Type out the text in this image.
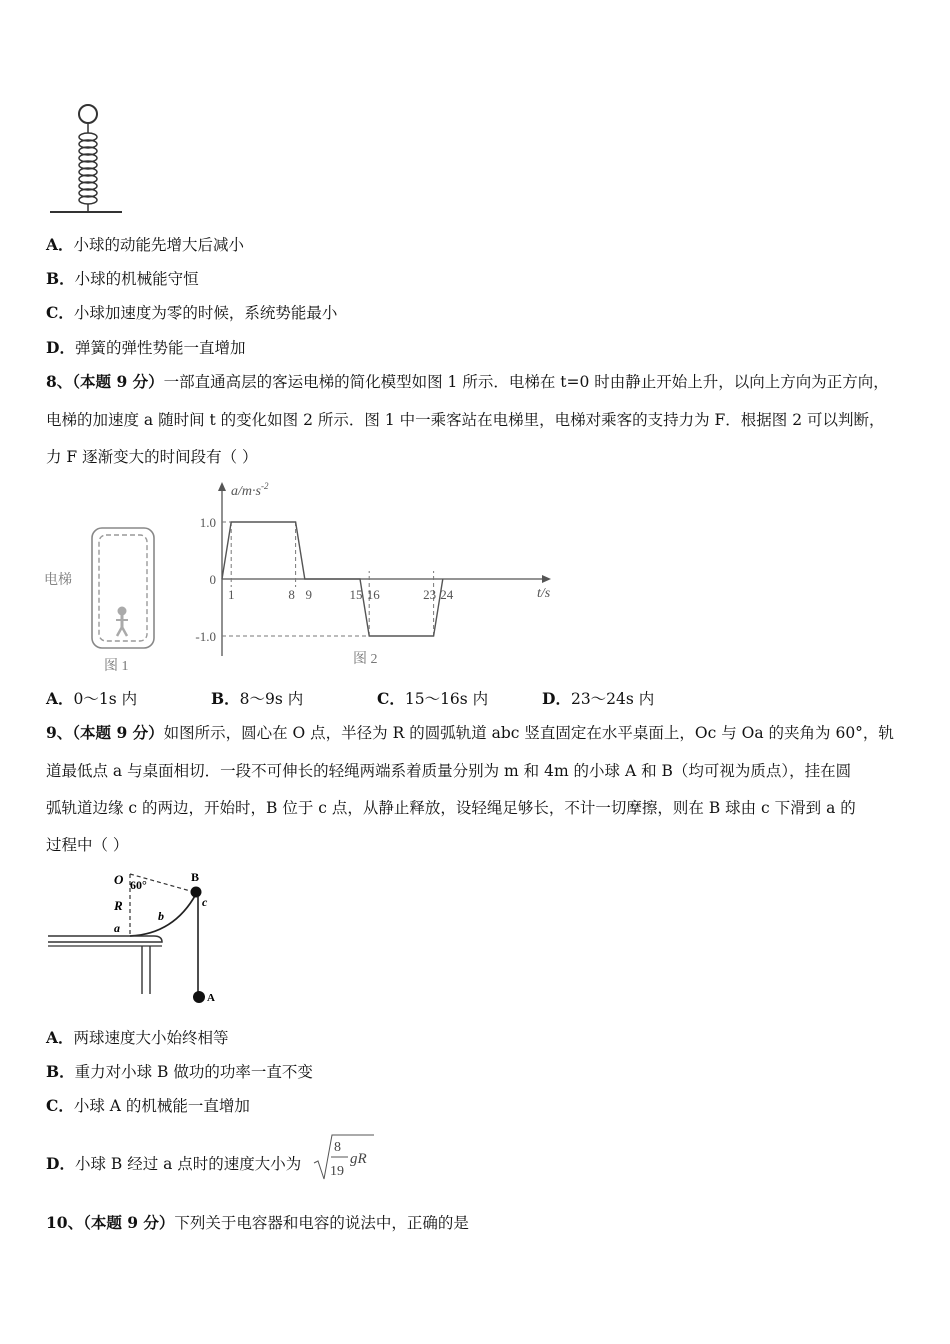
A．小球的动能先增大后减小
B．小球的机械能守恒
C．小球加速度为零的时候，系统势能最小
D．弹簧的弹性势能一直增加
8、（本题 9 分）一部直通高层的客运电梯的简化模型如图 1 所示．电梯在 t=0 时由静止开始上升，以向上方向为正方向，
电梯的加速度 a 随时间 t 的变化如图 2 所示．图 1 中一乘客站在电梯里，电梯对乘客的支持力为 F．根据图 2 可以判断，
力 F 逐渐变大的时间段有（ ）
电梯
图 1
$a/m\cdot s^{-2}$
t/s
1.0
0
-1.0
1	8 9	15 16	23 24
图 2
A．0～1s 内	B．8～9s 内	C．15～16s 内	D．23～24s 内
9、（本题 9 分）如图所示，圆心在 O 点，半径为 R 的圆弧轨道 abc 竖直固定在水平桌面上，Oc 与 Oa 的夹角为 60°，轨
道最低点 a 与桌面相切．一段不可伸长的轻绳两端系着质量分别为 m 和 4m 的小球 A 和 B（均可视为质点），挂在圆
弧轨道边缘 c 的两边，开始时，B 位于 c 点，从静止释放，设轻绳足够长，不计一切摩擦，则在 B 球由 c 下滑到 a 的
过程中（ ）
O 60°
R
b
a
B
c
A
A．两球速度大小始终相等
B．重力对小球 B 做功的功率一直不变
C．小球 A 的机械能一直增加
D．小球 B 经过 a 点时的速度大小为
8
19
gR
10、（本题 9 分）下列关于电容器和电容的说法中，正确的是
